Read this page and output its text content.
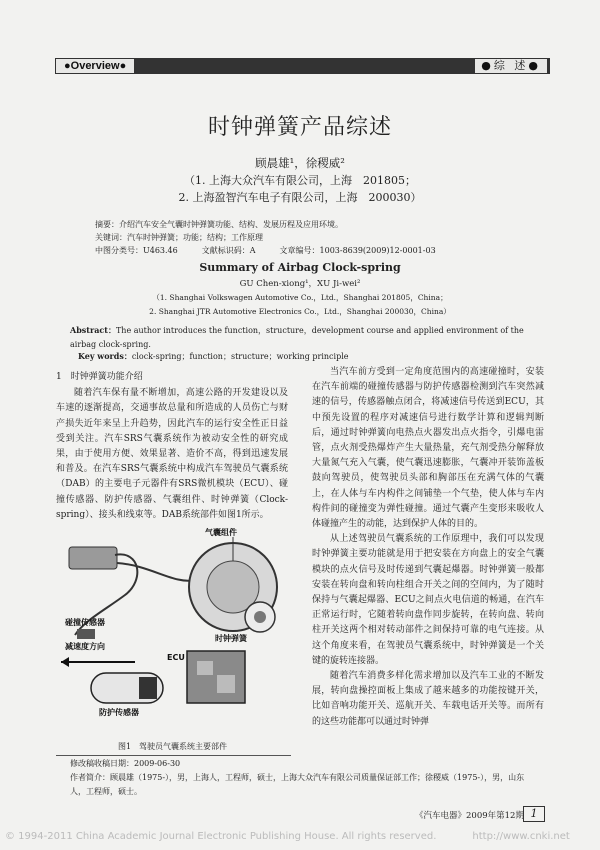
●Overview●	●综 述●
时钟弹簧产品综述
顾晨雄¹，徐稷威²
（1. 上海大众汽车有限公司，上海　201805；
2. 上海盈智汽车电子有限公司，上海　200030）
摘要：介绍汽车安全气囊时钟弹簧功能、结构、发展历程及应用环境。
关键词：汽车时钟弹簧；功能；结构；工作原理
中图分类号：U463.46　　　文献标识码：A　　　文章编号：1003-8639(2009)12-0001-03
Summary of Airbag Clock-spring
GU Chen-xiong¹，XU Ji-wei²
（1. Shanghai Volkswagen Automotive Co.，Ltd.，Shanghai 201805，China；
2. Shanghai JTR Automotive Electronics Co.，Ltd.，Shanghai 200030，China）
Abstract：The author introduces the function，structure，development course and applied environment of the airbag clock-spring.
Key words：clock-spring；function；structure；working principle

1　时钟弹簧功能介绍

随着汽车保有量不断增加，高速公路的开发建设以及车速的逐渐提高，交通事故总量和所造成的人员伤亡与财产损失近年来呈上升趋势，因此汽车的运行安全性正日益受到关注。汽车SRS气囊系统作为被动安全性的研究成果，由于使用方便、效果显著、造价不高，得到迅速发展和普及。在汽车SRS气囊系统中构成汽车驾驶员气囊系统（DAB）的主要电子元器件有SRS微机模块（ECU）、碰撞传感器、防护传感器、气囊组件、时钟弹簧（Clock-spring）、接头和线束等。DAB系统部件如图1所示。

气囊组件
碰撞传感器
时钟弹簧
ECU
减速度方向
防护传感器
图1　驾驶员气囊系统主要部件

当汽车前方受到一定角度范围内的高速碰撞时，安装在汽车前端的碰撞传感器与防护传感器检测到汽车突然减速的信号，传感器触点闭合，将减速信号传送到ECU，其中预先设置的程序对减速信号进行数学计算和逻辑判断后，通过时钟弹簧向电热点火器发出点火指令，引爆电雷管，点火剂受热爆炸产生大量热量，充气剂受热分解释放大量氮气充入气囊，使气囊迅速膨胀，气囊冲开装饰盖板鼓向驾驶员，使驾驶员头部和胸部压在充满气体的气囊上，在人体与车内构件之间铺垫一个气垫，使人体与车内构件间的碰撞变为弹性碰撞。通过气囊产生变形来吸收人体碰撞产生的动能，达到保护人体的目的。

从上述驾驶员气囊系统的工作原理中，我们可以发现时钟弹簧主要功能就是用于把安装在方向盘上的安全气囊模块的点火信号及时传递到气囊起爆器。时钟弹簧一般都安装在转向盘和转向柱组合开关之间的空间内，为了随时保持与气囊起爆器、ECU之间点火电信道的畅通，在汽车正常运行时，它随着转向盘作同步旋转，在转向盘、转向柱开关这两个相对转动部件之间保持可靠的电气连接。从这个角度来看，在驾驶员气囊系统中，时钟弹簧是一个关键的旋转连接器。

随着汽车消费多样化需求增加以及汽车工业的不断发展，转向盘操控面板上集成了越来越多的功能按键开关，比如音响功能开关、巡航开关、车载电话开关等。而所有的这些功能都可以通过时钟弹

修改稿收稿日期：2009-06-30
作者简介：顾晨雄（1975-），男，上海人，工程师，硕士，上海大众汽车有限公司质量保证部工作；徐稷威（1975-），男，山东人，工程师，硕士。
《汽车电器》2009年第12期 1
© 1994-2011 China Academic Journal Electronic Publishing House. All rights reserved.	http://www.cnki.net
